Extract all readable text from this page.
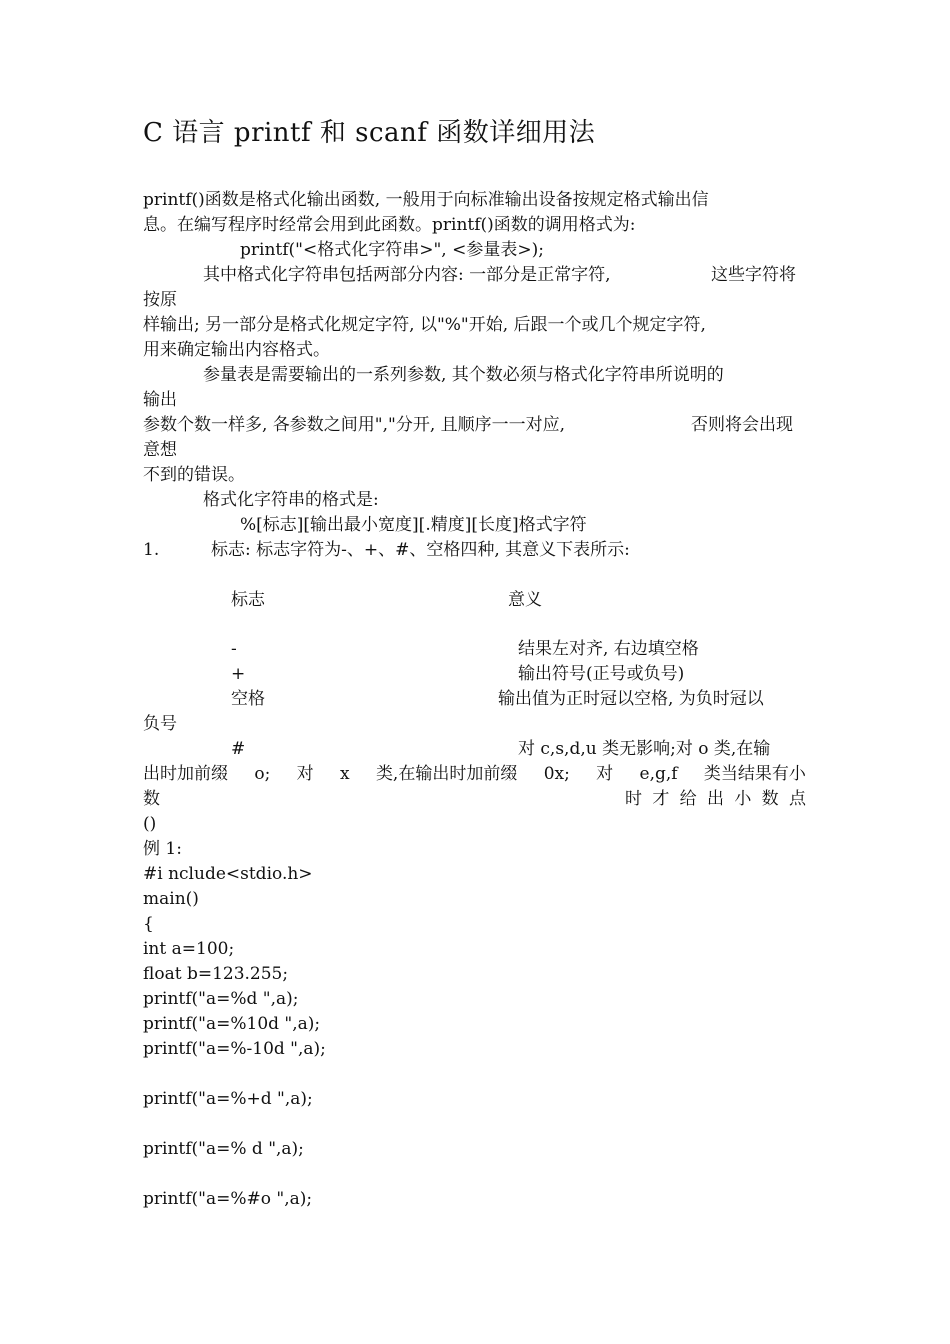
C 语言 printf 和 scanf 函数详细用法
printf()函数是格式化输出函数, 一般用于向标准输出设备按规定格式输出信
息。在编写程序时经常会用到此函数。printf()函数的调用格式为:
printf("<格式化字符串>", <参量表>);
其中格式化字符串包括两部分内容: 一部分是正常字符,	这些字符将
按原
样输出; 另一部分是格式化规定字符, 以"%"开始, 后跟一个或几个规定字符,
用来确定输出内容格式。
参量表是需要输出的一系列参数, 其个数必须与格式化字符串所说明的
输出
参数个数一样多, 各参数之间用","分开, 且顺序一一对应,	否则将会出现
意想
不到的错误。
格式化字符串的格式是:
%[标志][输出最小宽度][.精度][长度]格式字符
1.	标志: 标志字符为-、+、#、空格四种, 其意义下表所示:
标志	意义
-	结果左对齐, 右边填空格
+	输出符号(正号或负号)
空格	输出值为正时冠以空格, 为负时冠以
负号
#	对 c,s,d,u 类无影响;对 o 类,在输
出时加前缀 o; 对 x 类,在输出时加前缀 0x; 对 e,g,f 类当结果有小
数	时 才 给 出 小 数 点
()
例 1:
#i nclude<stdio.h>
main()
{
int a=100;
float b=123.255;
printf("a=%d ",a);
printf("a=%10d ",a);
printf("a=%-10d ",a);
printf("a=%+d ",a);
printf("a=% d ",a);
printf("a=%#o ",a);
